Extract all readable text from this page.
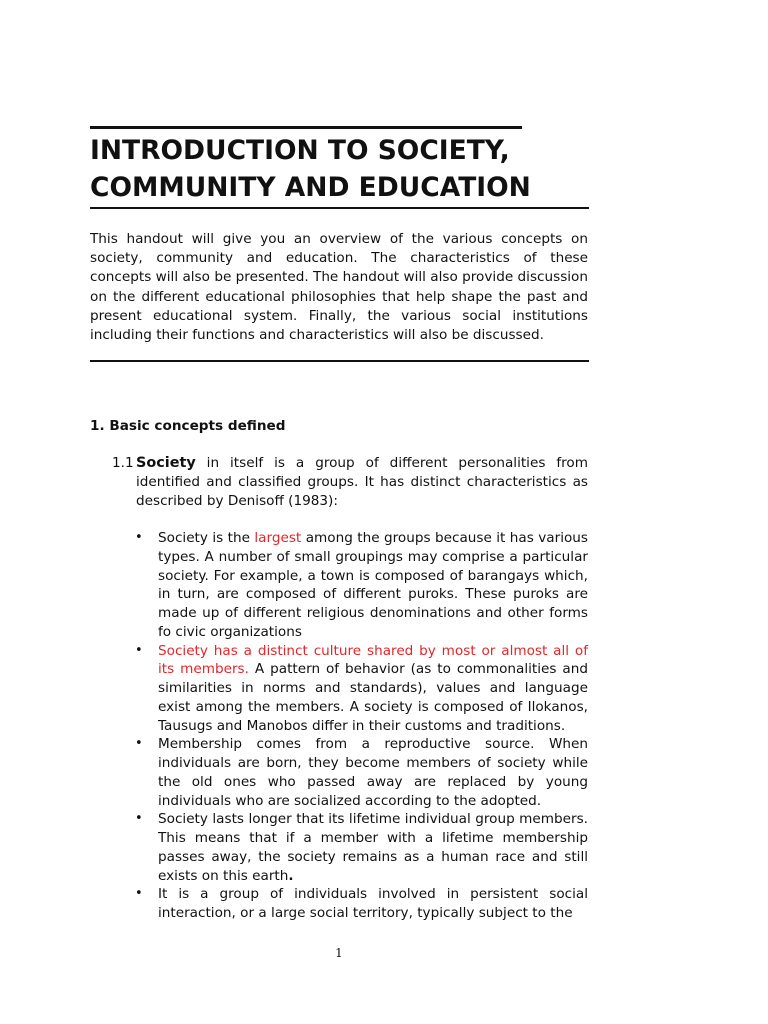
INTRODUCTION TO SOCIETY,
COMMUNITY AND EDUCATION

This handout will give you an overview of the various concepts on society, community and education. The characteristics of these concepts will also be presented. The handout will also provide discussion on the different educational philosophies that help shape the past and present educational system. Finally, the various social institutions including their functions and characteristics will also be discussed.

1. Basic concepts defined
1.1 Society in itself is a group of different personalities from identified and classified groups. It has distinct characteristics as described by Denisoff (1983):

• Society is the largest among the groups because it has various types. A number of small groupings may comprise a particular society. For example, a town is composed of barangays which, in turn, are composed of different puroks. These puroks are made up of different religious denominations and other forms fo civic organizations
• Society has a distinct culture shared by most or almost all of its members. A pattern of behavior (as to commonalities and similarities in norms and standards), values and language exist among the members. A society is composed of Ilokanos, Tausugs and Manobos differ in their customs and traditions.
• Membership comes from a reproductive source. When individuals are born, they become members of society while the old ones who passed away are replaced by young individuals who are socialized according to the adopted.
• Society lasts longer that its lifetime individual group members. This means that if a member with a lifetime membership passes away, the society remains as a human race and still exists on this earth.
• It is a group of individuals involved in persistent social interaction, or a large social territory, typically subject to the
1
